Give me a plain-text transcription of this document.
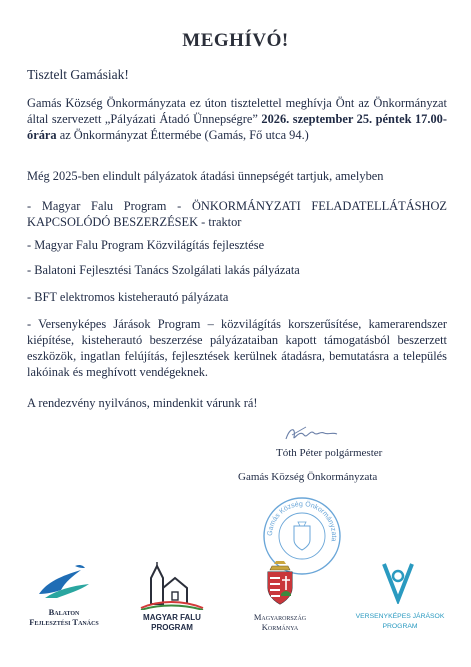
MEGHÍVÓ!
Tisztelt Gamásiak!
Gamás Község Önkormányzata ez úton tisztelettel meghívja Önt az Önkormányzat által szervezett „Pályázati Átadó Ünnepségre” 2026. szeptember 25. péntek 17.00-órára az Önkormányzat Éttermébe (Gamás, Fő utca 94.)
Még 2025-ben elindult pályázatok átadási ünnepségét tartjuk, amelyben
- Magyar Falu Program - ÖNKORMÁNYZATI FELADATELLÁTÁSHOZ KAPCSOLÓDÓ BESZERZÉSEK - traktor
- Magyar Falu Program Közvilágítás fejlesztése
- Balatoni Fejlesztési Tanács Szolgálati lakás pályázata
- BFT elektromos kisteherautó pályázata
- Versenyképes Járások Program – közvilágítás korszerűsítése, kamerarendszer kiépítése, kisteherautó beszerzése pályázataiban kapott támogatásból beszerzett eszközök, ingatlan felújítás, fejlesztések kerülnek átadásra, bemutatásra a település lakóinak és meghívott vendégeknek.
A rendezvény nyilvános, mindenkit várunk rá!
Tóth Péter polgármester
Gamás Község Önkormányzata
Gamás Község Önkormányzata
Balaton
Fejlesztési Tanács	MAGYAR FALU
PROGRAM
Magyarország
Kormánya
VERSENYKÉPES JÁRÁSOK
PROGRAM
